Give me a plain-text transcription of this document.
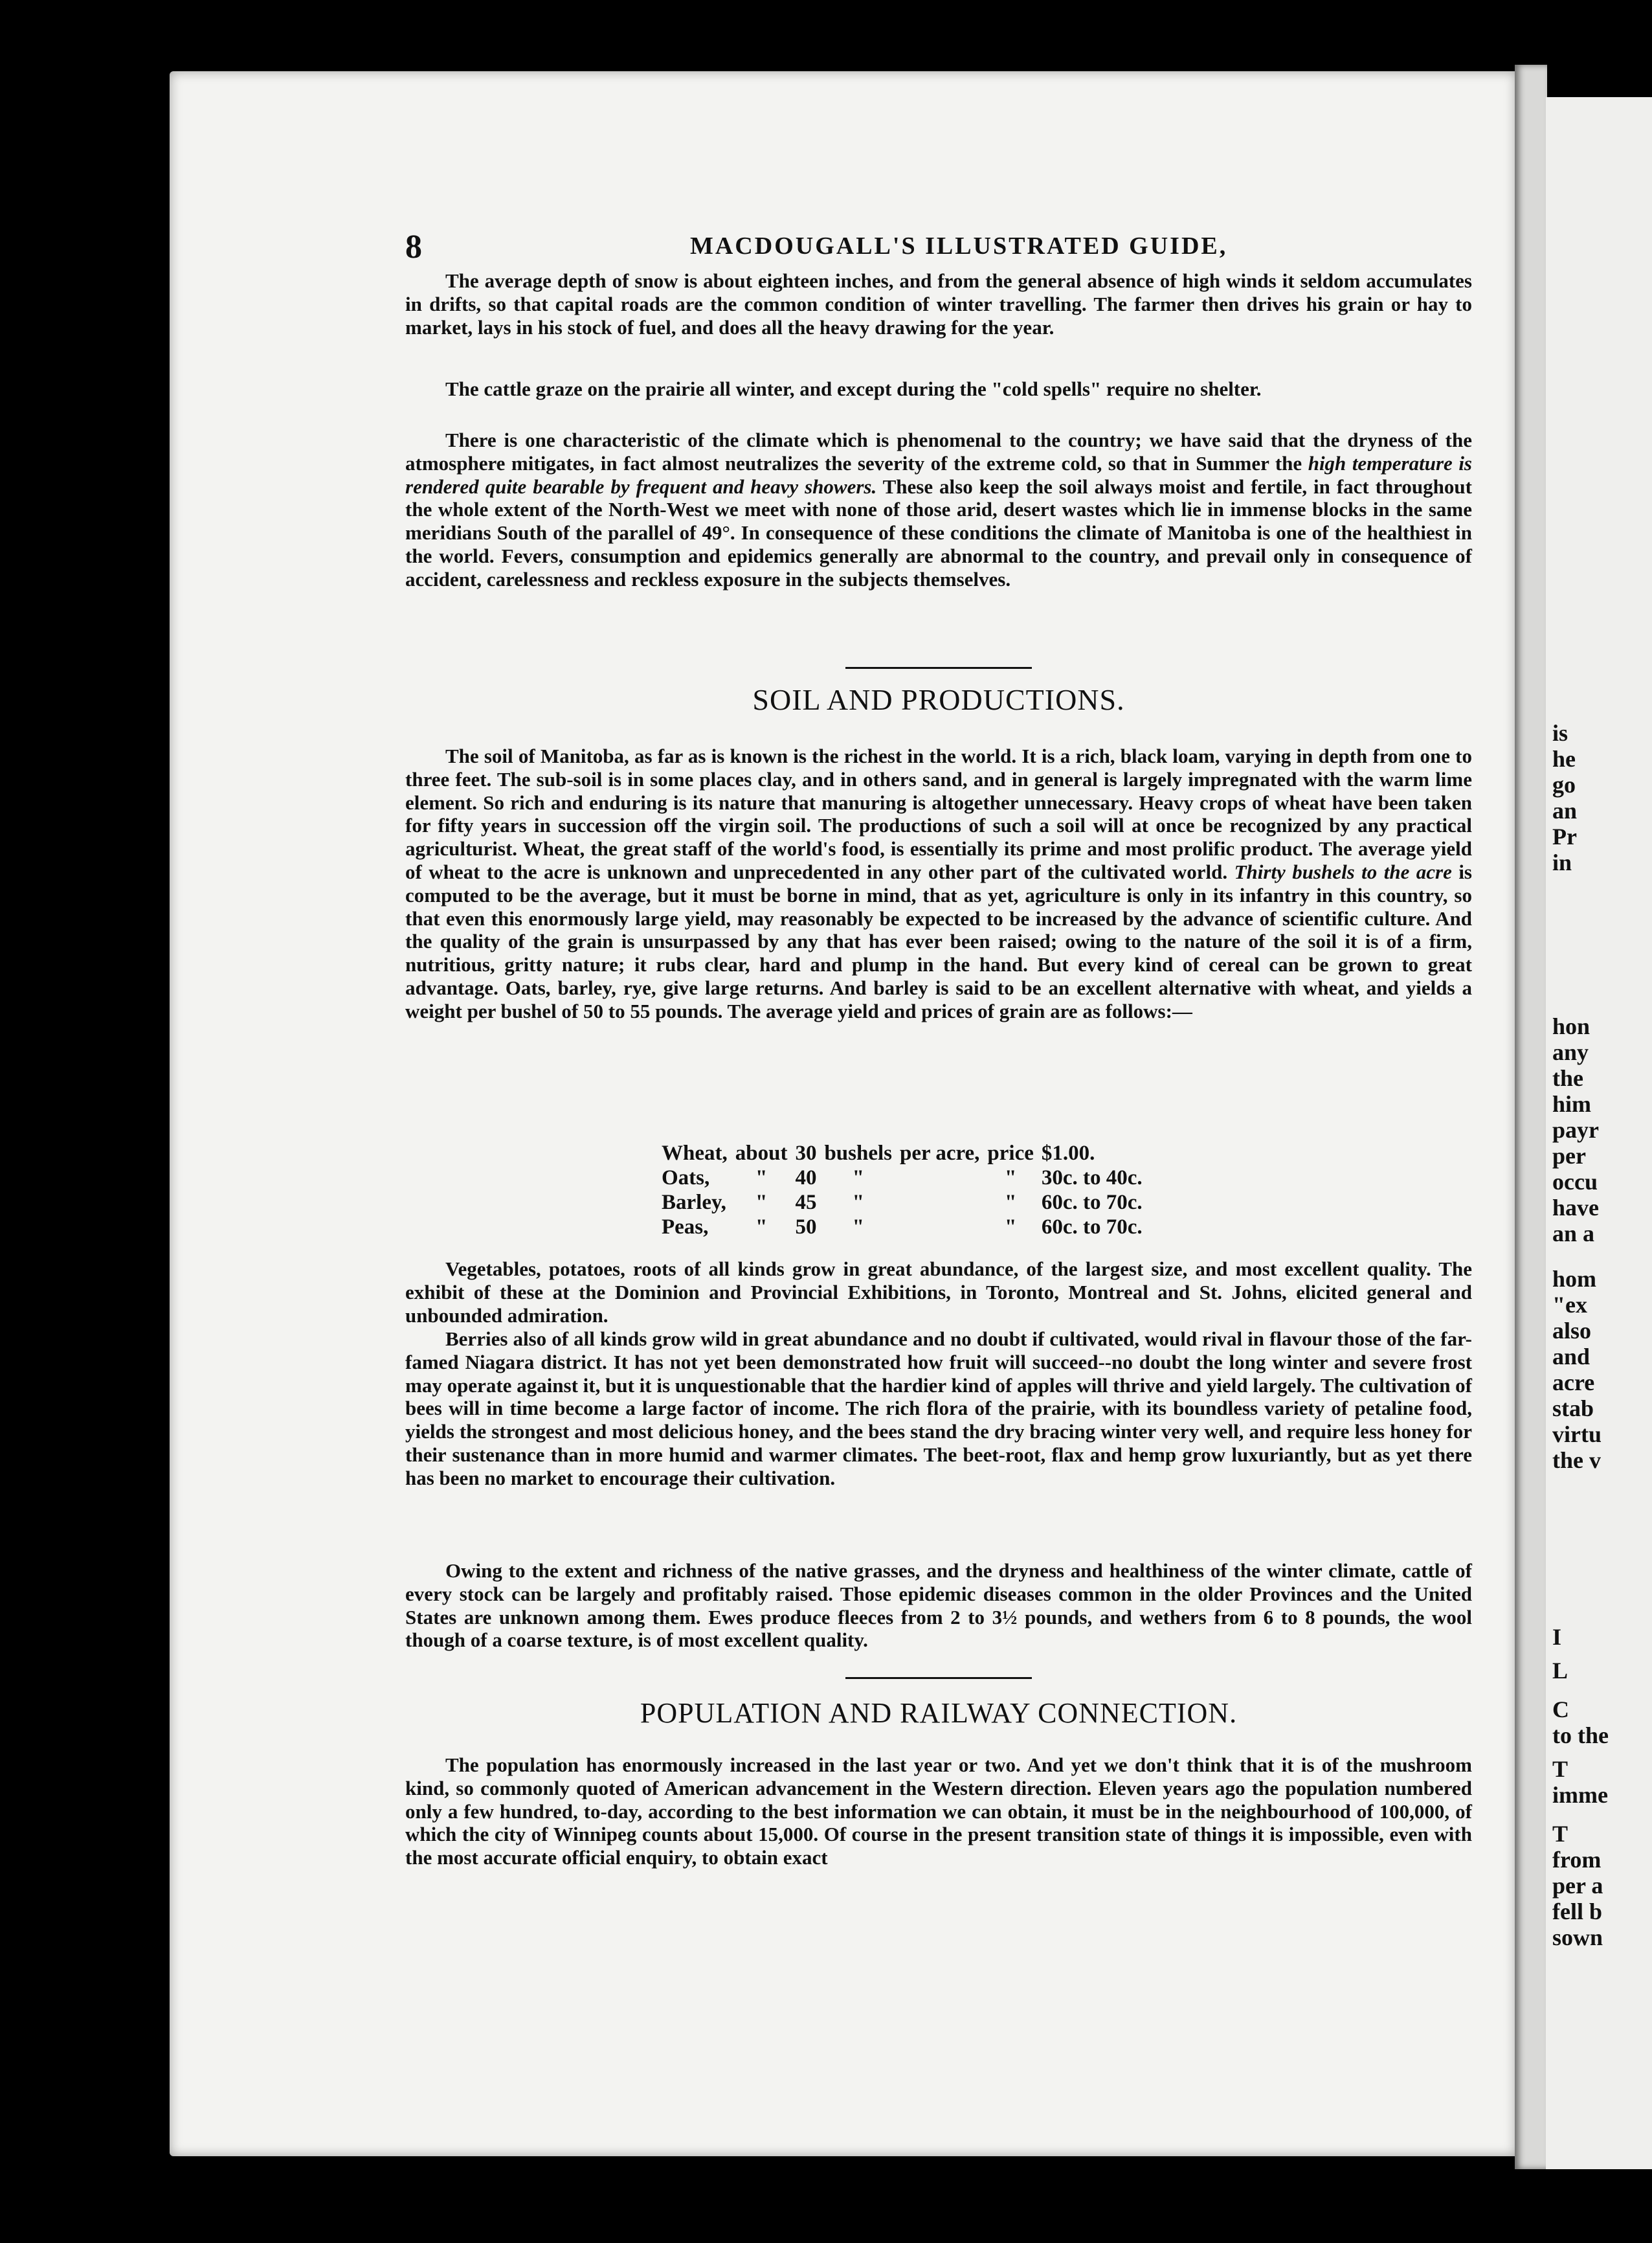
is
he
go
an
Pr
in
hon
any
the
him
payr
per
occu
have
an a
hom
"ex
also
and
acre
stab
virtu
the v
I
L
C
to the
T
imme
T
from
per a
fell b
sown
8	MACDOUGALL'S ILLUSTRATED GUIDE,

The average depth of snow is about eighteen inches, and from the general absence of high winds it seldom accumulates in drifts, so that capital roads are the common condition of winter travelling. The farmer then drives his grain or hay to market, lays in his stock of fuel, and does all the heavy drawing for the year.

The cattle graze on the prairie all winter, and except during the "cold spells" require no shelter.

There is one characteristic of the climate which is phenomenal to the country; we have said that the dryness of the atmosphere mitigates, in fact almost neutralizes the severity of the extreme cold, so that in Summer the high temperature is rendered quite bearable by frequent and heavy showers. These also keep the soil always moist and fertile, in fact throughout the whole extent of the North-West we meet with none of those arid, desert wastes which lie in immense blocks in the same meridians South of the parallel of 49°. In consequence of these conditions the climate of Manitoba is one of the healthiest in the world. Fevers, consumption and epidemics generally are abnormal to the country, and prevail only in consequence of accident, carelessness and reckless exposure in the subjects themselves.

SOIL AND PRODUCTIONS.

The soil of Manitoba, as far as is known is the richest in the world. It is a rich, black loam, varying in depth from one to three feet. The sub-soil is in some places clay, and in others sand, and in general is largely impregnated with the warm lime element. So rich and enduring is its nature that manuring is altogether unnecessary. Heavy crops of wheat have been taken for fifty years in succession off the virgin soil. The productions of such a soil will at once be recognized by any practical agriculturist. Wheat, the great staff of the world's food, is essentially its prime and most prolific product. The average yield of wheat to the acre is unknown and unprecedented in any other part of the cultivated world. Thirty bushels to the acre is computed to be the average, but it must be borne in mind, that as yet, agriculture is only in its infantry in this country, so that even this enormously large yield, may reasonably be expected to be increased by the advance of scientific culture. And the quality of the grain is unsurpassed by any that has ever been raised; owing to the nature of the soil it is of a firm, nutritious, gritty nature; it rubs clear, hard and plump in the hand. But every kind of cereal can be grown to great advantage. Oats, barley, rye, give large returns. And barley is said to be an excellent alternative with wheat, and yields a weight per bushel of 50 to 55 pounds. The average yield and prices of grain are as follows:—

Wheat,	about	30	bushels	per acre,	price	$1.00.
Oats,	"	40	"		"	30c. to 40c.
Barley,	"	45	"		"	60c. to 70c.
Peas,	"	50	"		"	60c. to 70c.

Vegetables, potatoes, roots of all kinds grow in great abundance, of the largest size, and most excellent quality. The exhibit of these at the Dominion and Provincial Exhibitions, in Toronto, Montreal and St. Johns, elicited general and unbounded admiration.

Berries also of all kinds grow wild in great abundance and no doubt if cultivated, would rival in flavour those of the far-famed Niagara district. It has not yet been demonstrated how fruit will succeed--no doubt the long winter and severe frost may operate against it, but it is unquestionable that the hardier kind of apples will thrive and yield largely. The cultivation of bees will in time become a large factor of income. The rich flora of the prairie, with its boundless variety of petaline food, yields the strongest and most delicious honey, and the bees stand the dry bracing winter very well, and require less honey for their sustenance than in more humid and warmer climates. The beet-root, flax and hemp grow luxuriantly, but as yet there has been no market to encourage their cultivation.

Owing to the extent and richness of the native grasses, and the dryness and healthiness of the winter climate, cattle of every stock can be largely and profitably raised. Those epidemic diseases common in the older Provinces and the United States are unknown among them. Ewes produce fleeces from 2 to 3½ pounds, and wethers from 6 to 8 pounds, the wool though of a coarse texture, is of most excellent quality.

POPULATION AND RAILWAY CONNECTION.

The population has enormously increased in the last year or two. And yet we don't think that it is of the mushroom kind, so commonly quoted of American advancement in the Western direction. Eleven years ago the population numbered only a few hundred, to-day, according to the best information we can obtain, it must be in the neighbourhood of 100,000, of which the city of Winnipeg counts about 15,000. Of course in the present transition state of things it is impossible, even with the most accurate official enquiry, to obtain exact
